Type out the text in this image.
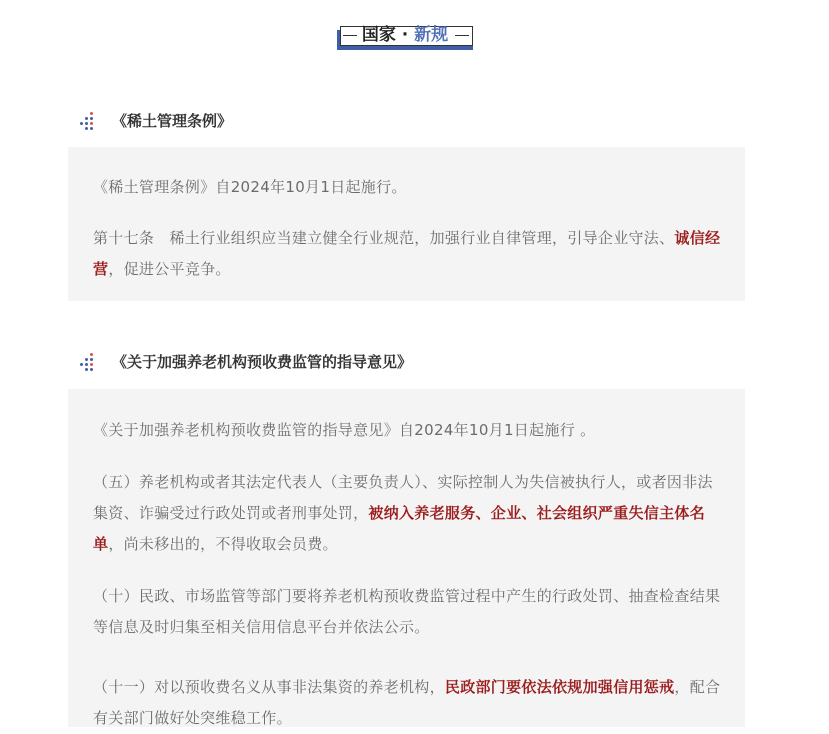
国家 · 新规
《稀土管理条例》
《稀土管理条例》自2024年10月1日起施行。
第十七条　稀土行业组织应当建立健全行业规范，加强行业自律管理，引导企业守法、诚信经营，促进公平竞争。
《关于加强养老机构预收费监管的指导意见》
《关于加强养老机构预收费监管的指导意见》自2024年10月1日起施行 。
（五）养老机构或者其法定代表人（主要负责人）、实际控制人为失信被执行人，或者因非法集资、诈骗受过行政处罚或者刑事处罚，被纳入养老服务、企业、社会组织严重失信主体名单，尚未移出的，不得收取会员费。
（十）民政、市场监管等部门要将养老机构预收费监管过程中产生的行政处罚、抽查检查结果等信息及时归集至相关信用信息平台并依法公示。
（十一）对以预收费名义从事非法集资的养老机构，民政部门要依法依规加强信用惩戒，配合有关部门做好处突维稳工作。
